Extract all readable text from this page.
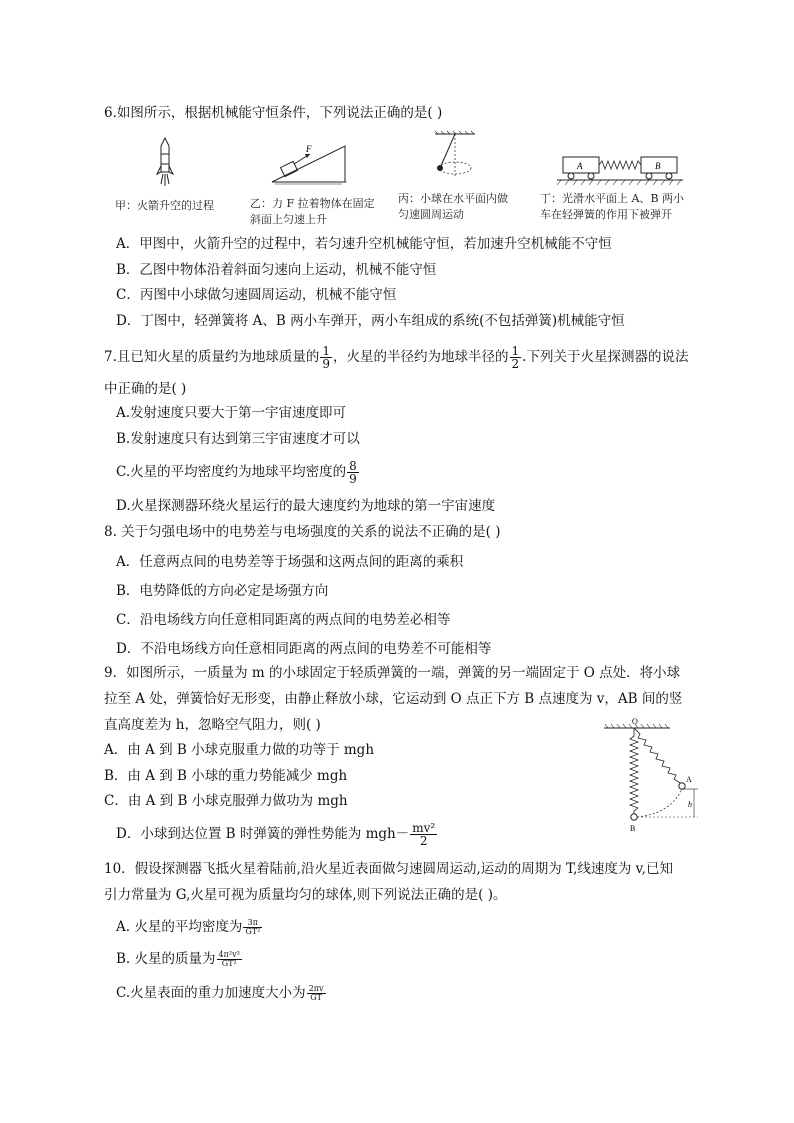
6.如图所示，根据机械能守恒条件，下列说法正确的是( )
F
A	B
甲：火箭升空的过程	乙：力 F 拉着物体在固定
斜面上匀速上升
丙：小球在水平面内做
匀速圆周运动
丁：光滑水平面上 A、B 两小
车在轻弹簧的作用下被弹开
A．甲图中，火箭升空的过程中，若匀速升空机械能守恒，若加速升空机械能不守恒
B．乙图中物体沿着斜面匀速向上运动，机械不能守恒
C．丙图中小球做匀速圆周运动，机械不能守恒
D．丁图中，轻弹簧将 A、B 两小车弹开，两小车组成的系统(不包括弹簧)机械能守恒
7.且已知火星的质量约为地球质量的 $\frac{1}{9}$ ，火星的半径约为地球半径的 $\frac{1}{2}$ .下列关于火星探测器的说法
中正确的是( )
A.发射速度只要大于第一宇宙速度即可
B.发射速度只有达到第三宇宙速度才可以
C.火星的平均密度约为地球平均密度的 $\frac{8}{9}$
D.火星探测器环绕火星运行的最大速度约为地球的第一宇宙速度
8. 关于匀强电场中的电势差与电场强度的关系的说法不正确的是( )
A．任意两点间的电势差等于场强和这两点间的距离的乘积
B．电势降低的方向必定是场强方向
C．沿电场线方向任意相同距离的两点间的电势差必相等
D．不沿电场线方向任意相同距离的两点间的电势差不可能相等
9．如图所示，一质量为 m 的小球固定于轻质弹簧的一端，弹簧的另一端固定于 O 点处．将小球
拉至 A 处，弹簧恰好无形变，由静止释放小球，它运动到 O 点正下方 B 点速度为 v，AB 间的竖
直高度差为 h，忽略空气阻力，则( )
A．由 A 到 B 小球克服重力做的功等于 mgh
B．由 A 到 B 小球的重力势能减少 mgh
C．由 A 到 B 小球克服弹力做功为 mgh
D．小球到达位置 B 时弹簧的弹性势能为 $mgh- \frac{\text{mv²}}{2}$
O
A
h
B
10．假设探测器飞抵火星着陆前,沿火星近表面做匀速圆周运动,运动的周期为 T,线速度为 v,已知
引力常量为 G,火星可视为质量均匀的球体,则下列说法正确的是( )。
A. 火星的平均密度为 $\frac{3\pi}{\text{GT²}}$
B. 火星的质量为 $\frac{\text{4π²v³}}{\text{GT²}}$
C.火星表面的重力加速度大小为 $\frac{2\pi v}{GT}$
